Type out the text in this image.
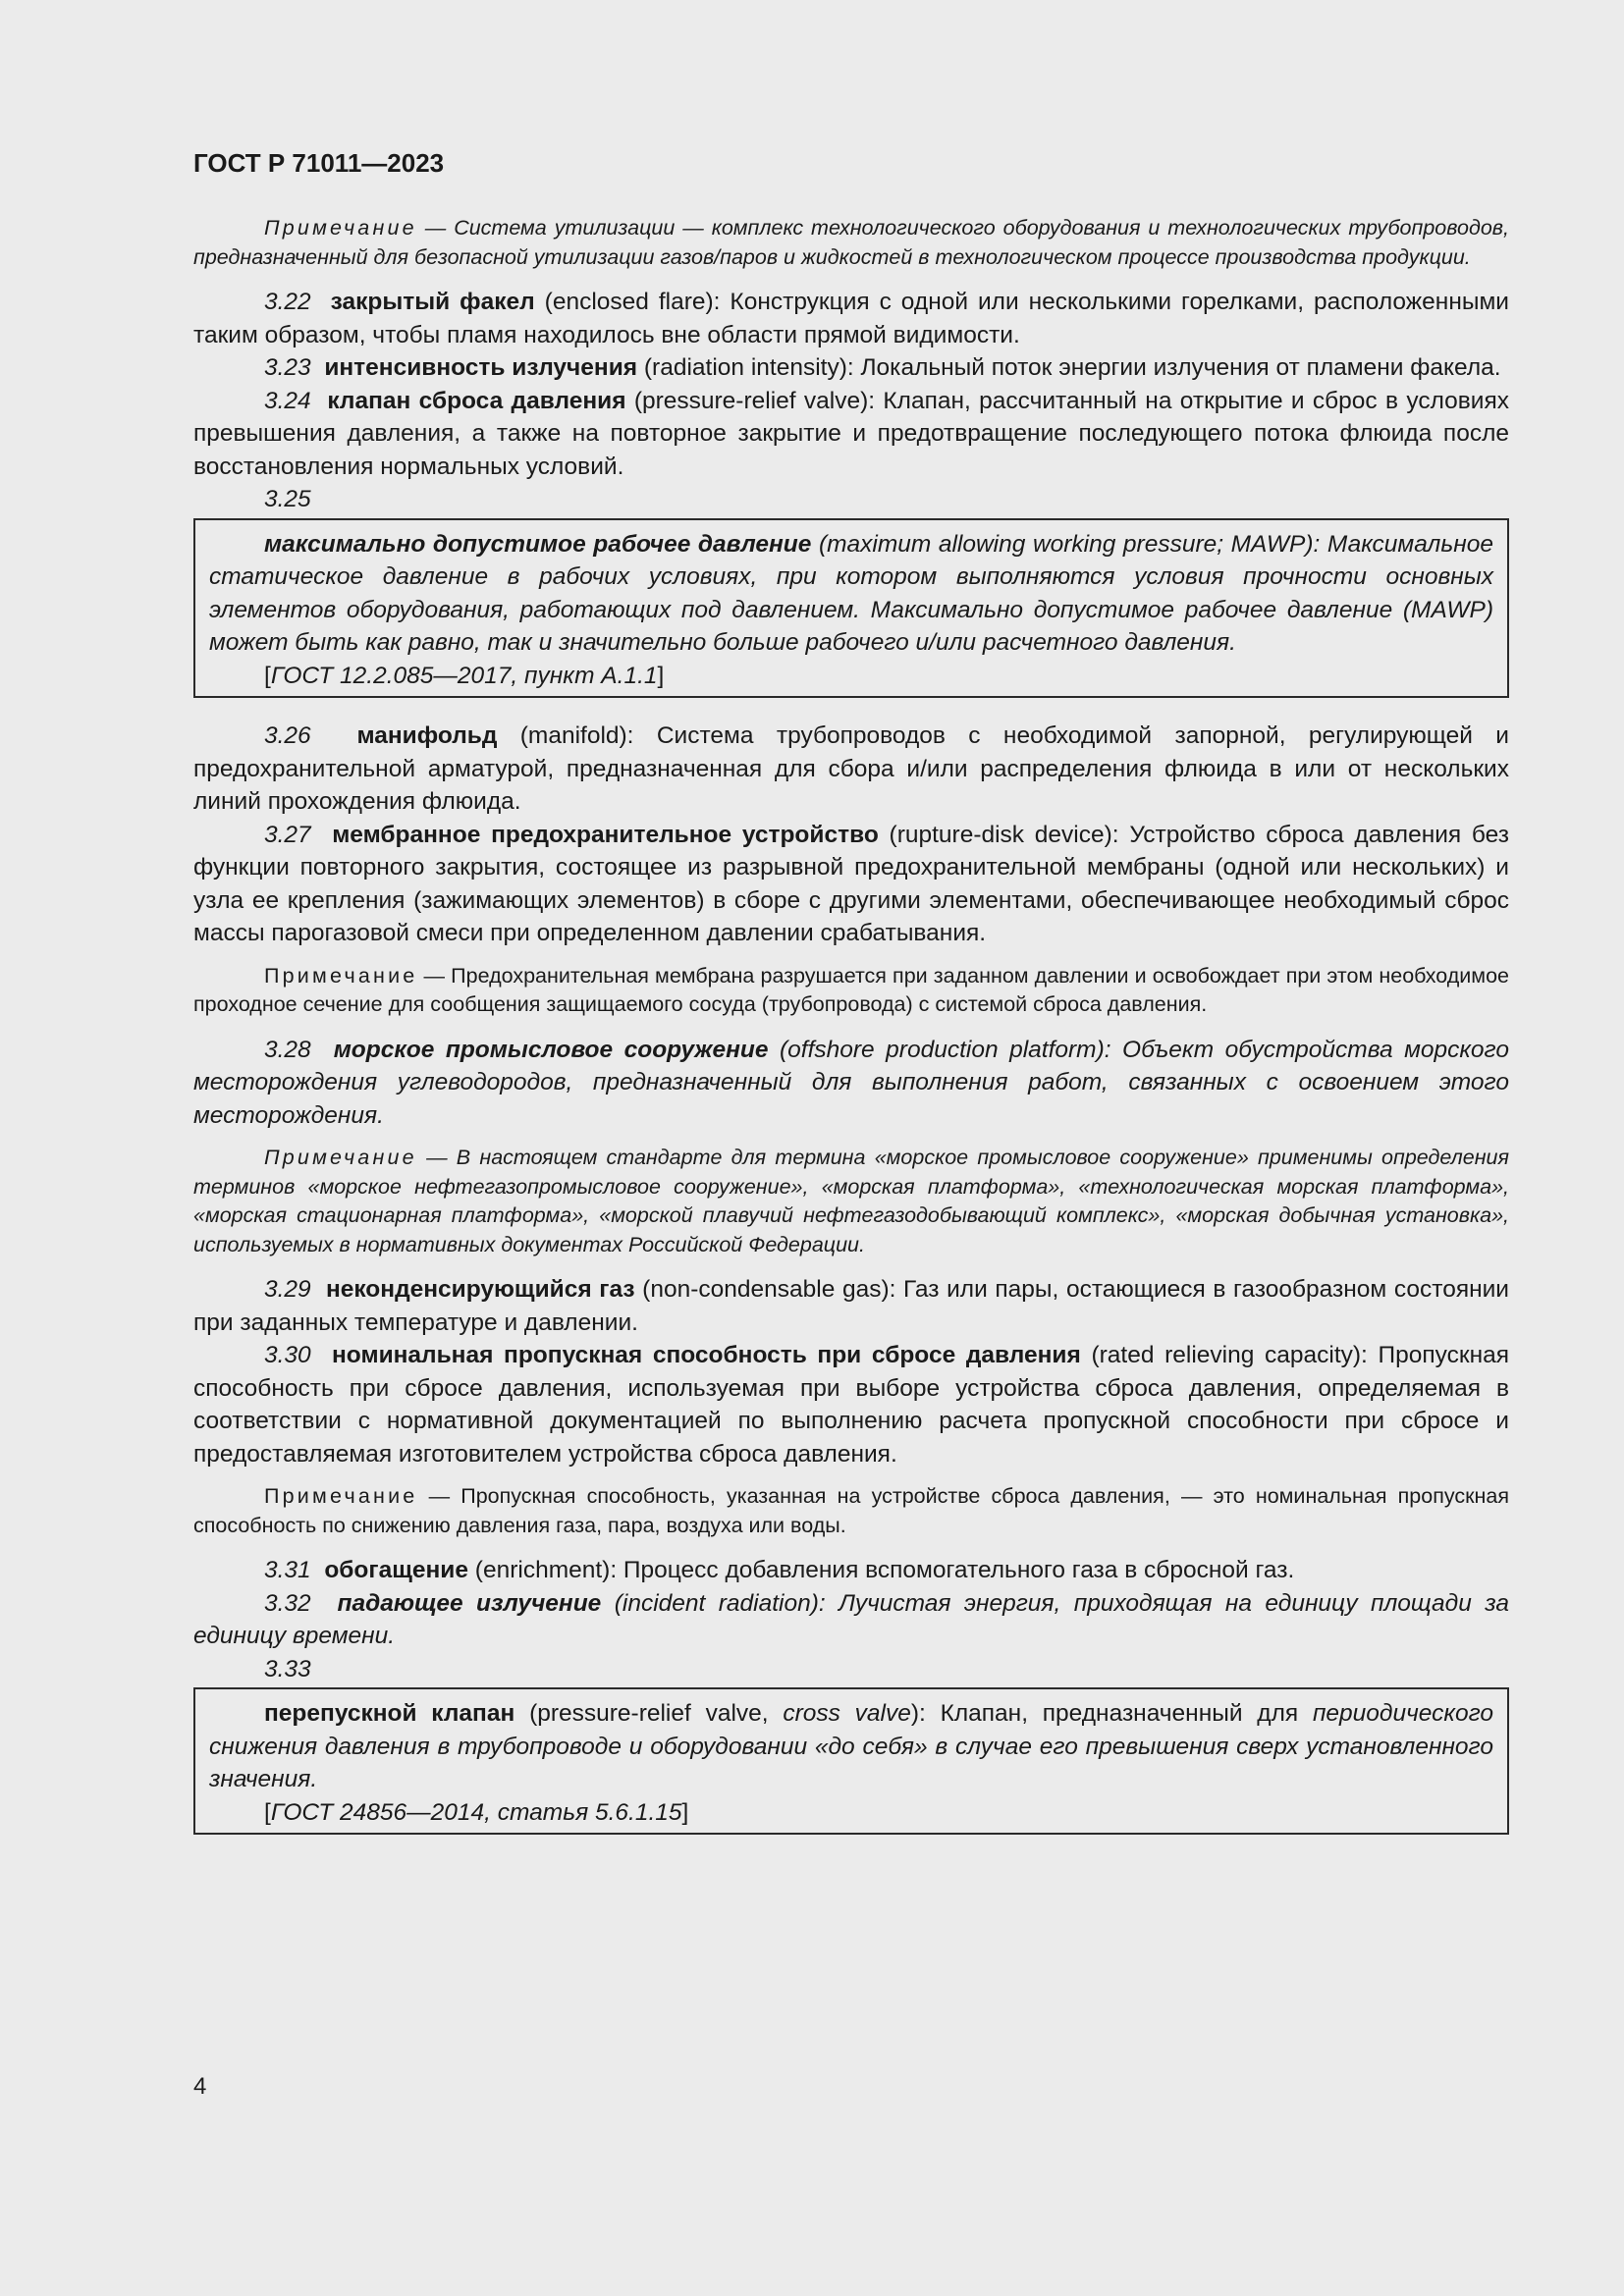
ГОСТ Р 71011—2023

Примечание — Система утилизации — комплекс технологического оборудования и технологических трубопроводов, предназначенный для безопасной утилизации газов/паров и жидкостей в технологическом процессе производства продукции.

3.22 закрытый факел (enclosed flare): Конструкция с одной или несколькими горелками, расположенными таким образом, чтобы пламя находилось вне области прямой видимости.

3.23 интенсивность излучения (radiation intensity): Локальный поток энергии излучения от пламени факела.

3.24 клапан сброса давления (pressure-relief valve): Клапан, рассчитанный на открытие и сброс в условиях превышения давления, а также на повторное закрытие и предотвращение последующего потока флюида после восстановления нормальных условий.

3.25

максимально допустимое рабочее давление (maximum allowing working pressure; MAWP): Максимальное статическое давление в рабочих условиях, при котором выполняются условия прочности основных элементов оборудования, работающих под давлением. Максимально допустимое рабочее давление (MAWP) может быть как равно, так и значительно больше рабочего и/или расчетного давления.

[ГОСТ 12.2.085—2017, пункт А.1.1]

3.26 манифольд (manifold): Система трубопроводов с необходимой запорной, регулирующей и предохранительной арматурой, предназначенная для сбора и/или распределения флюида в или от нескольких линий прохождения флюида.

3.27 мембранное предохранительное устройство (rupture-disk device): Устройство сброса давления без функции повторного закрытия, состоящее из разрывной предохранительной мембраны (одной или нескольких) и узла ее крепления (зажимающих элементов) в сборе с другими элементами, обеспечивающее необходимый сброс массы парогазовой смеси при определенном давлении срабатывания.

Примечание — Предохранительная мембрана разрушается при заданном давлении и освобождает при этом необходимое проходное сечение для сообщения защищаемого сосуда (трубопровода) с системой сброса давления.

3.28 морское промысловое сооружение (offshore production platform): Объект обустройства морского месторождения углеводородов, предназначенный для выполнения работ, связанных с освоением этого месторождения.

Примечание — В настоящем стандарте для термина «морское промысловое сооружение» применимы определения терминов «морское нефтегазопромысловое сооружение», «морская платформа», «технологическая морская платформа», «морская стационарная платформа», «морской плавучий нефтегазодобывающий комплекс», «морская добычная установка», используемых в нормативных документах Российской Федерации.

3.29 неконденсирующийся газ (non-condensable gas): Газ или пары, остающиеся в газообразном состоянии при заданных температуре и давлении.

3.30 номинальная пропускная способность при сбросе давления (rated relieving capacity): Пропускная способность при сбросе давления, используемая при выборе устройства сброса давления, определяемая в соответствии с нормативной документацией по выполнению расчета пропускной способности при сбросе и предоставляемая изготовителем устройства сброса давления.

Примечание — Пропускная способность, указанная на устройстве сброса давления, — это номинальная пропускная способность по снижению давления газа, пара, воздуха или воды.

3.31 обогащение (enrichment): Процесс добавления вспомогательного газа в сбросной газ.

3.32 падающее излучение (incident radiation): Лучистая энергия, приходящая на единицу площади за единицу времени.

3.33

перепускной клапан (pressure-relief valve, cross valve): Клапан, предназначенный для периодического снижения давления в трубопроводе и оборудовании «до себя» в случае его превышения сверх установленного значения.

[ГОСТ 24856—2014, статья 5.6.1.15]

4
